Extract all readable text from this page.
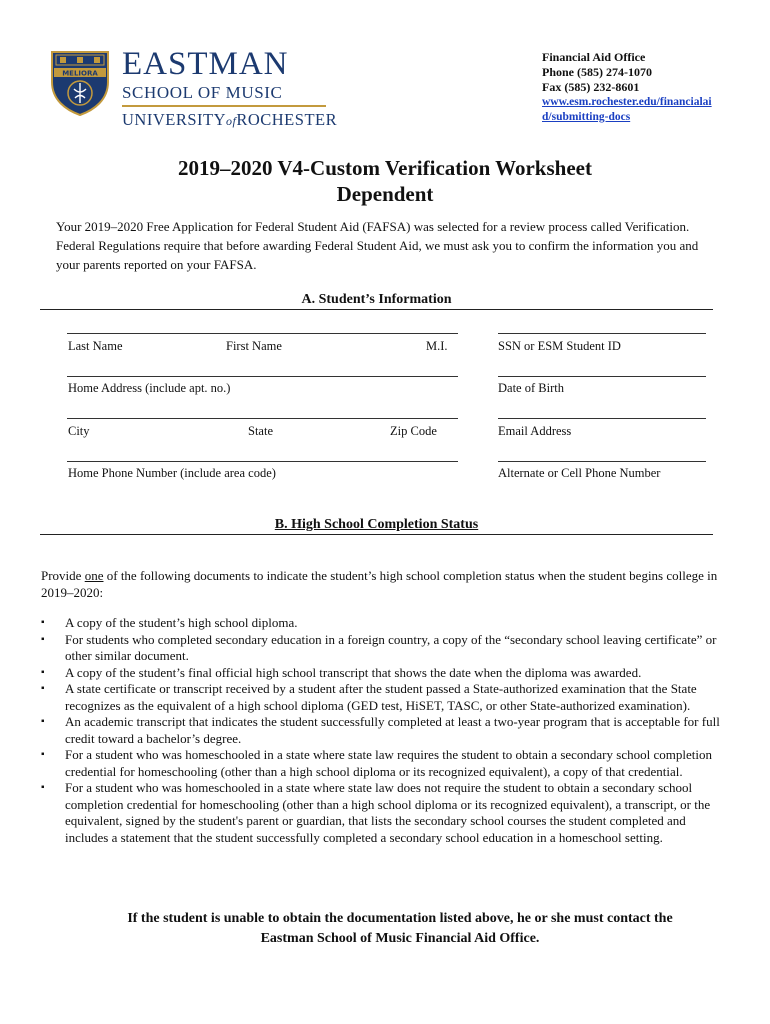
MELIORA EASTMAN
SCHOOL OF MUSIC
UNIVERSITYofROCHESTER
Financial Aid Office
Phone (585) 274-1070
Fax (585) 232-8601
www.esm.rochester.edu/financialai
d/submitting-docs
2019–2020 V4-Custom Verification Worksheet
Dependent
Your 2019–2020 Free Application for Federal Student Aid (FAFSA) was selected for a review process called Verification. Federal Regulations require that before awarding Federal Student Aid, we must ask you to confirm the information you and your parents reported on your FAFSA.
A. Student’s Information
Last Name	First Name	M.I.	SSN or ESM Student ID
Home Address (include apt. no.)	Date of Birth
City	State	Zip Code	Email Address
Home Phone Number (include area code)	Alternate or Cell Phone Number
B. High School Completion Status
Provide one of the following documents to indicate the student’s high school completion status when the student begins college in 2019–2020:
▪ A copy of the student’s high school diploma.
▪ For students who completed secondary education in a foreign country, a copy of the “secondary school leaving certificate” or other similar document.
▪ A copy of the student’s final official high school transcript that shows the date when the diploma was awarded.
▪ A state certificate or transcript received by a student after the student passed a State-authorized examination that the State recognizes as the equivalent of a high school diploma (GED test, HiSET, TASC, or other State-authorized examination).
▪ An academic transcript that indicates the student successfully completed at least a two-year program that is acceptable for full credit toward a bachelor’s degree.
▪ For a student who was homeschooled in a state where state law requires the student to obtain a secondary school completion credential for homeschooling (other than a high school diploma or its recognized equivalent), a copy of that credential.
▪ For a student who was homeschooled in a state where state law does not require the student to obtain a secondary school completion credential for homeschooling (other than a high school diploma or its recognized equivalent), a transcript, or the equivalent, signed by the student's parent or guardian, that lists the secondary school courses the student completed and includes a statement that the student successfully completed a secondary school education in a homeschool setting.
If the student is unable to obtain the documentation listed above, he or she must contact the
Eastman School of Music Financial Aid Office.
